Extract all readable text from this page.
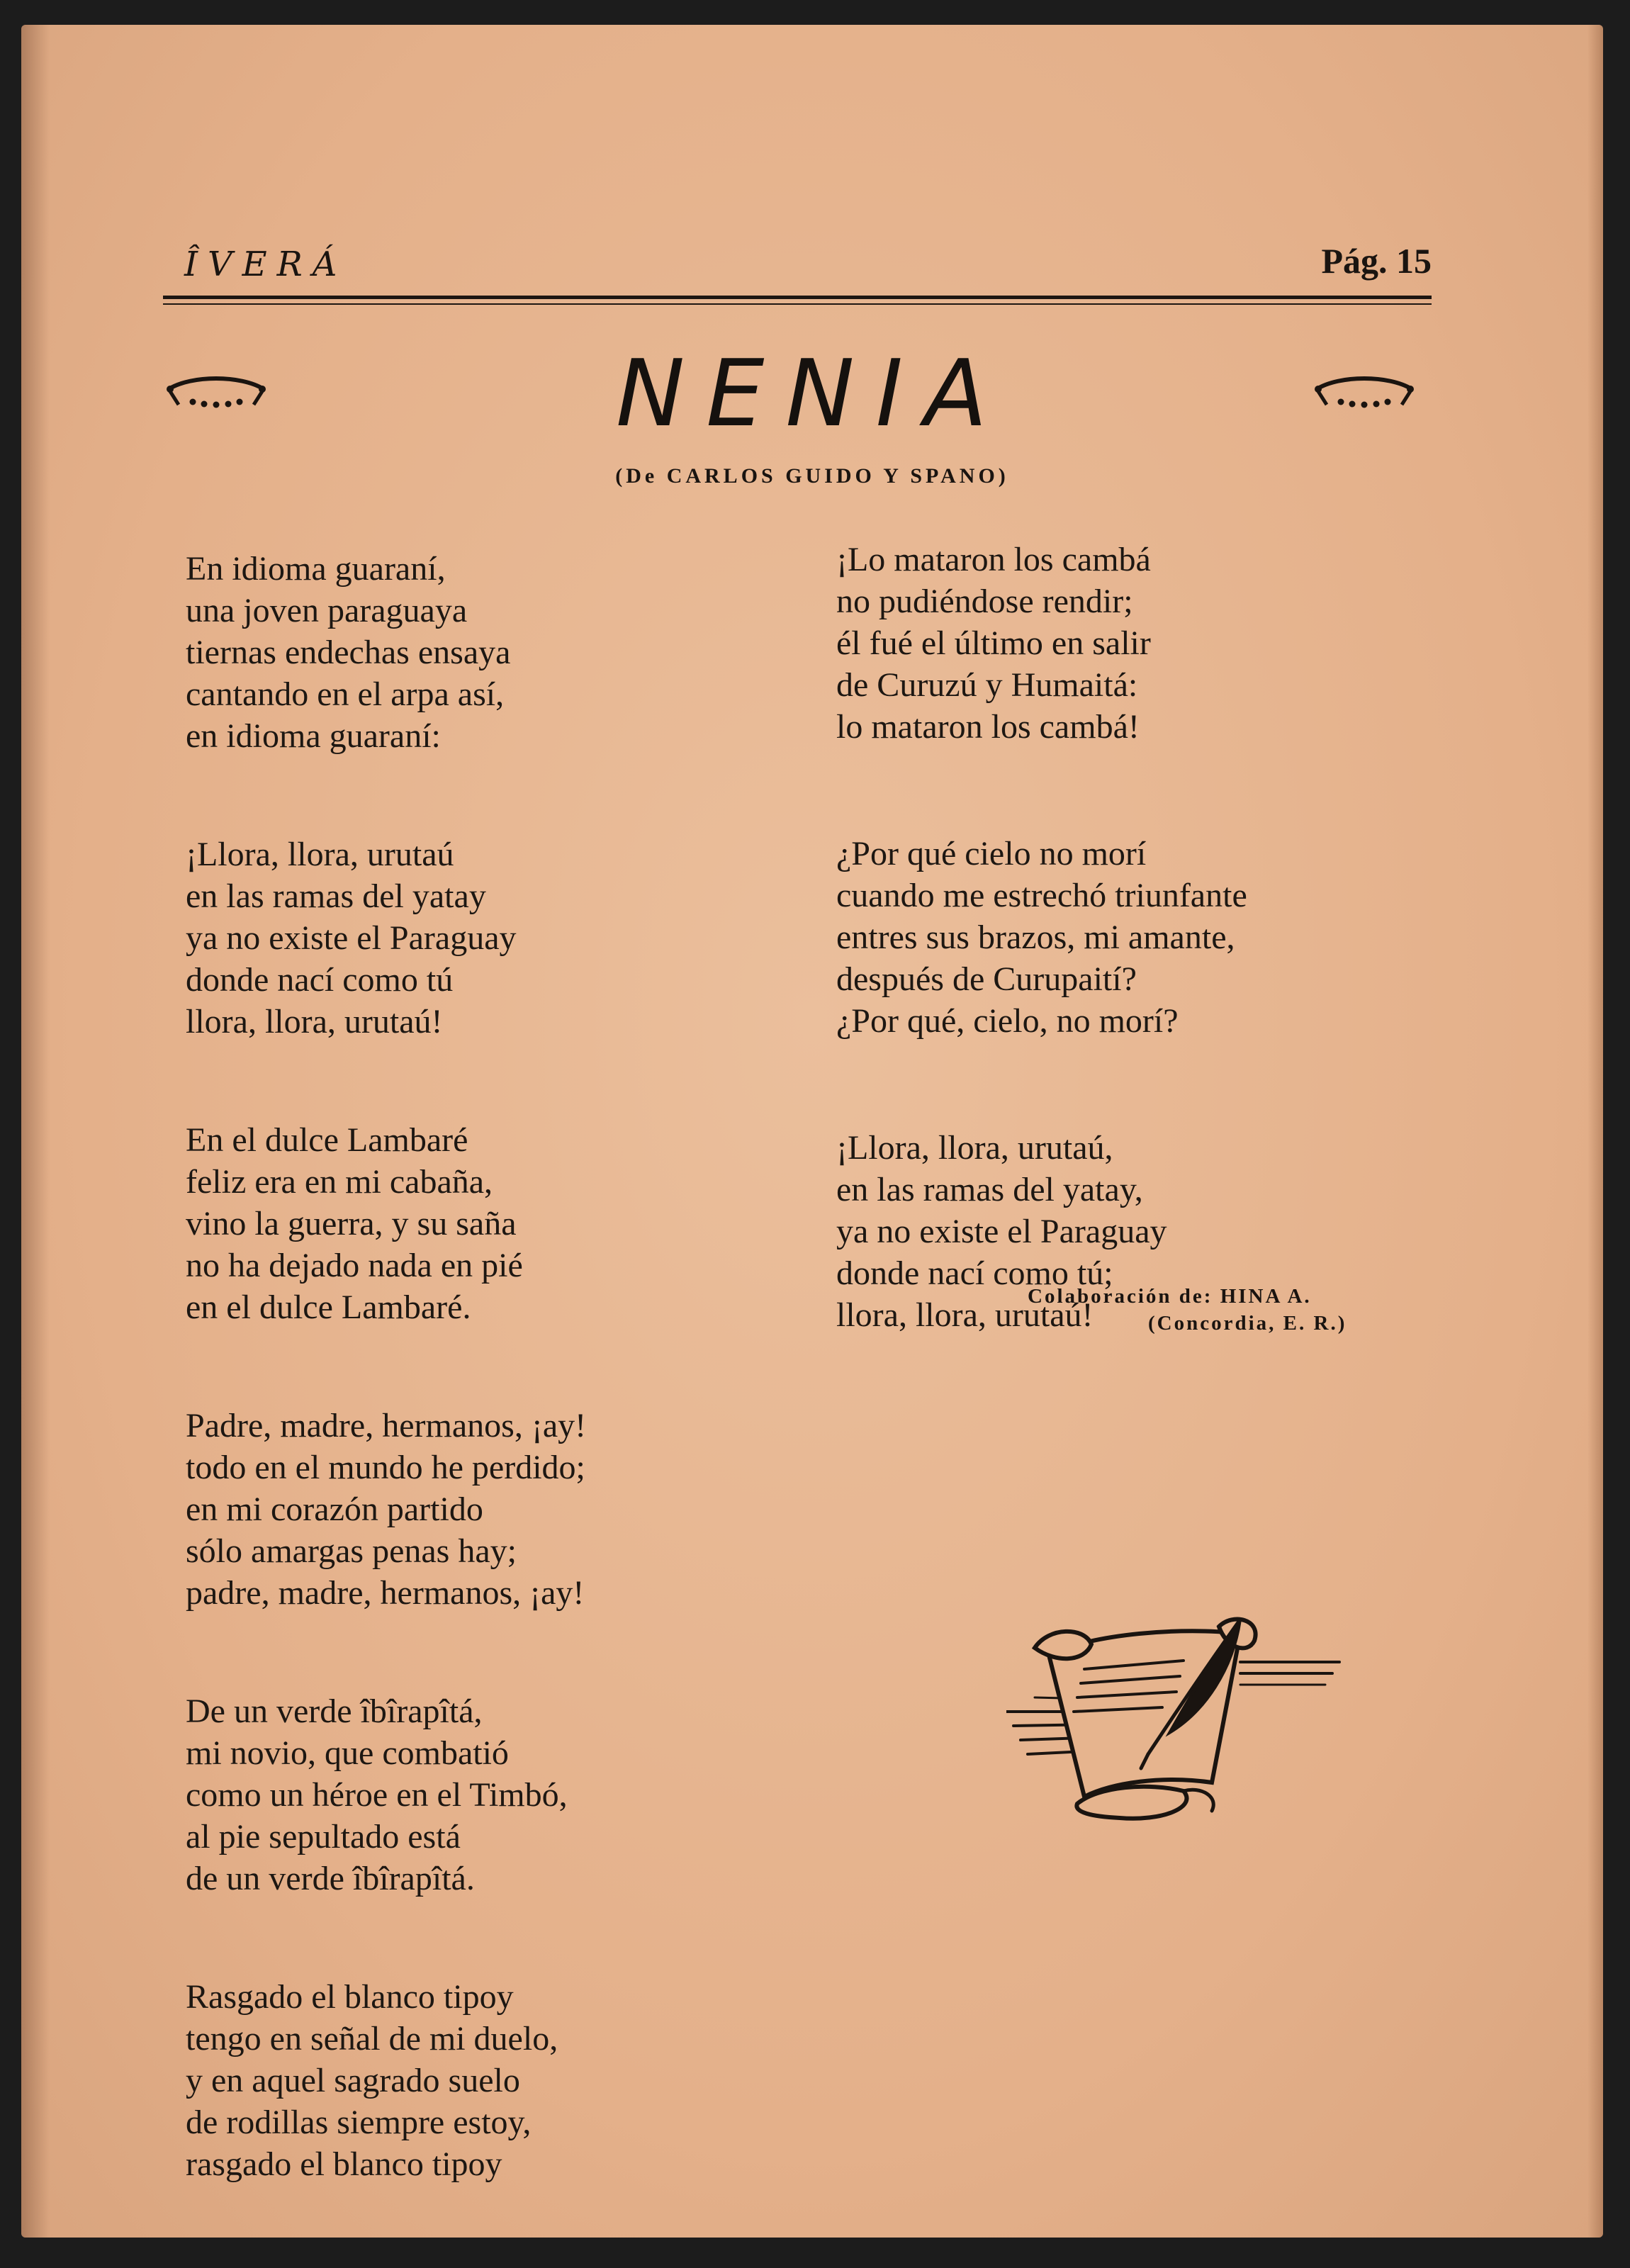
ÎVERÁ	Pág. 15
NENIA
(De CARLOS GUIDO Y SPANO)
En idioma guaraní,
una joven paraguaya
tiernas endechas ensaya
cantando en el arpa así,
en idioma guaraní:
¡Llora, llora, urutaú
en las ramas del yatay
ya no existe el Paraguay
donde nací como tú
llora, llora, urutaú!
En el dulce Lambaré
feliz era en mi cabaña,
vino la guerra, y su saña
no ha dejado nada en pié
en el dulce Lambaré.
Padre, madre, hermanos, ¡ay!
todo en el mundo he perdido;
en mi corazón partido
sólo amargas penas hay;
padre, madre, hermanos, ¡ay!
De un verde îbîrapîtá,
mi novio, que combatió
como un héroe en el Timbó,
al pie sepultado está
de un verde îbîrapîtá.
Rasgado el blanco tipoy
tengo en señal de mi duelo,
y en aquel sagrado suelo
de rodillas siempre estoy,
rasgado el blanco tipoy
¡Lo mataron los cambá
no pudiéndose rendir;
él fué el último en salir
de Curuzú y Humaitá:
lo mataron los cambá!
¿Por qué cielo no morí
cuando me estrechó triunfante
entres sus brazos, mi amante,
después de Curupaití?
¿Por qué, cielo, no morí?
¡Llora, llora, urutaú,
en las ramas del yatay,
ya no existe el Paraguay
donde nací como tú;
llora, llora, urutaú!
Colaboración de: HINA A.
(Concordia, E. R.)
